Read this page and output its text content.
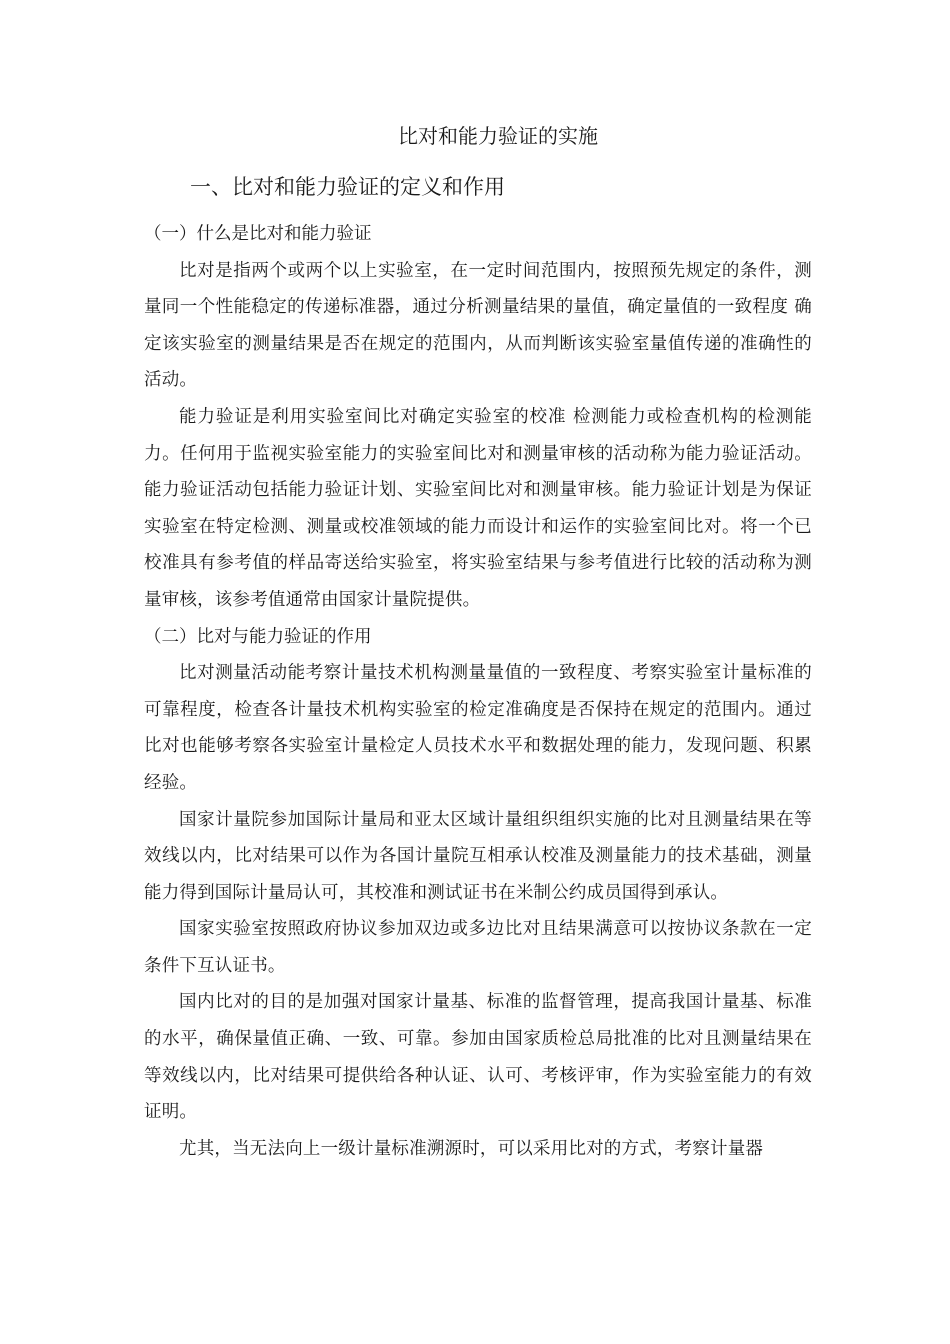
比对和能力验证的实施
一、比对和能力验证的定义和作用
（一）什么是比对和能力验证

比对是指两个或两个以上实验室，在一定时间范围内，按照预先规定的条件，测量同一个性能稳定的传递标准器，通过分析测量结果的量值，确定量值的一致程度 确定该实验室的测量结果是否在规定的范围内，从而判断该实验室量值传递的准确性的活动。

能力验证是利用实验室间比对确定实验室的校准 检测能力或检查机构的检测能力。任何用于监视实验室能力的实验室间比对和测量审核的活动称为能力验证活动。能力验证活动包括能力验证计划、实验室间比对和测量审核。能力验证计划是为保证实验室在特定检测、测量或校准领域的能力而设计和运作的实验室间比对。将一个已校准具有参考值的样品寄送给实验室，将实验室结果与参考值进行比较的活动称为测量审核，该参考值通常由国家计量院提供。

（二）比对与能力验证的作用

比对测量活动能考察计量技术机构测量量值的一致程度、考察实验室计量标准的可靠程度，检查各计量技术机构实验室的检定准确度是否保持在规定的范围内。通过比对也能够考察各实验室计量检定人员技术水平和数据处理的能力，发现问题、积累经验。

国家计量院参加国际计量局和亚太区域计量组织组织实施的比对且测量结果在等效线以内，比对结果可以作为各国计量院互相承认校准及测量能力的技术基础，测量能力得到国际计量局认可，其校准和测试证书在米制公约成员国得到承认。

国家实验室按照政府协议参加双边或多边比对且结果满意可以按协议条款在一定条件下互认证书。

国内比对的目的是加强对国家计量基、标准的监督管理，提高我国计量基、标准的水平，确保量值正确、一致、可靠。参加由国家质检总局批准的比对且测量结果在等效线以内，比对结果可提供给各种认证、认可、考核评审，作为实验室能力的有效证明。

尤其，当无法向上一级计量标准溯源时，可以采用比对的方式，考察计量器
